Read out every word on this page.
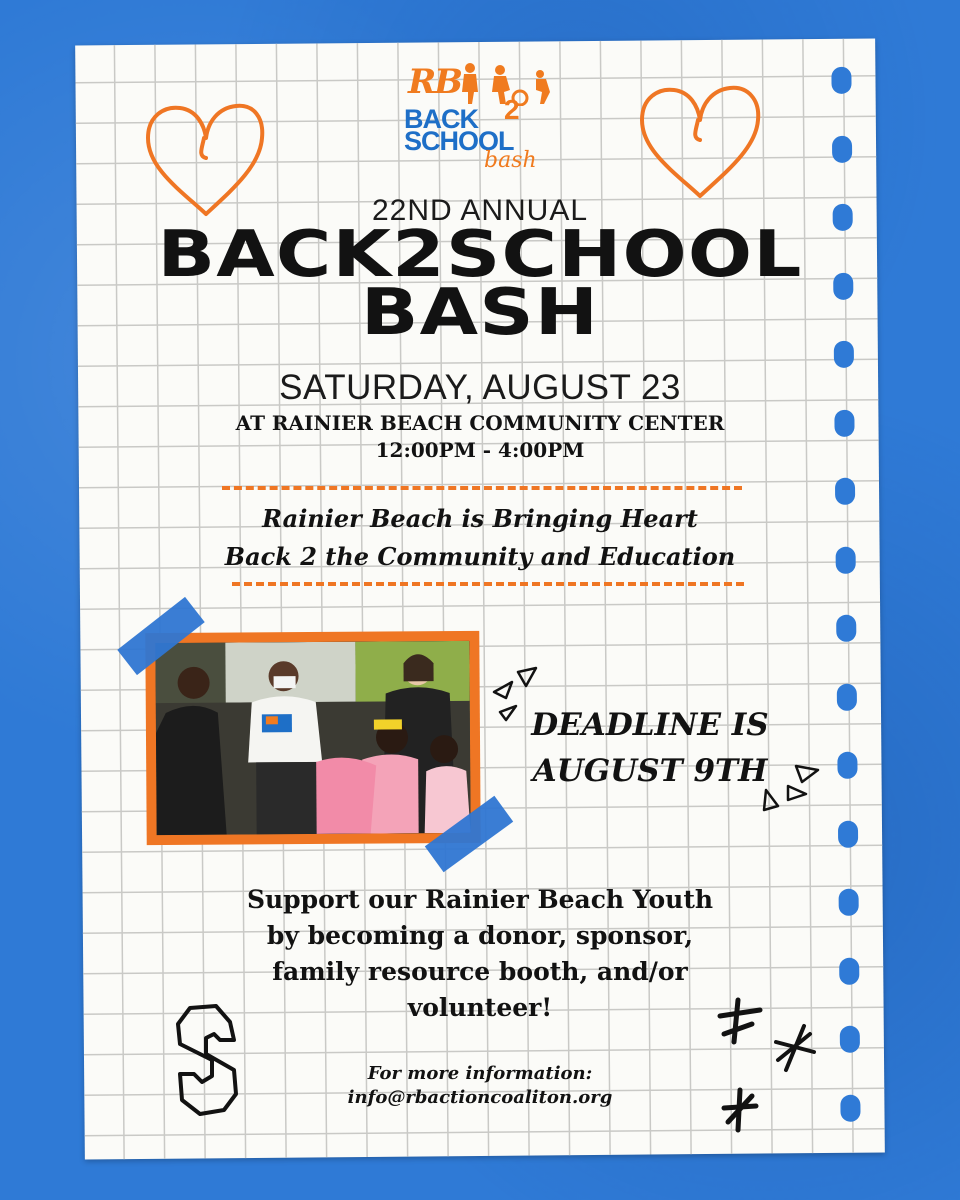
RB
BACK
SCHOOL
2
bash
22ND ANNUAL
BACK2SCHOOL
BASH
SATURDAY, AUGUST 23
AT RAINIER BEACH COMMUNITY CENTER
12:00PM - 4:00PM
Rainier Beach is Bringing Heart
Back 2 the Community and Education
DEADLINE IS
AUGUST 9TH
Support our Rainier Beach Youth
by becoming a donor, sponsor,
family resource booth, and/or
volunteer!
For more information:
info@rbactioncoaliton.org
